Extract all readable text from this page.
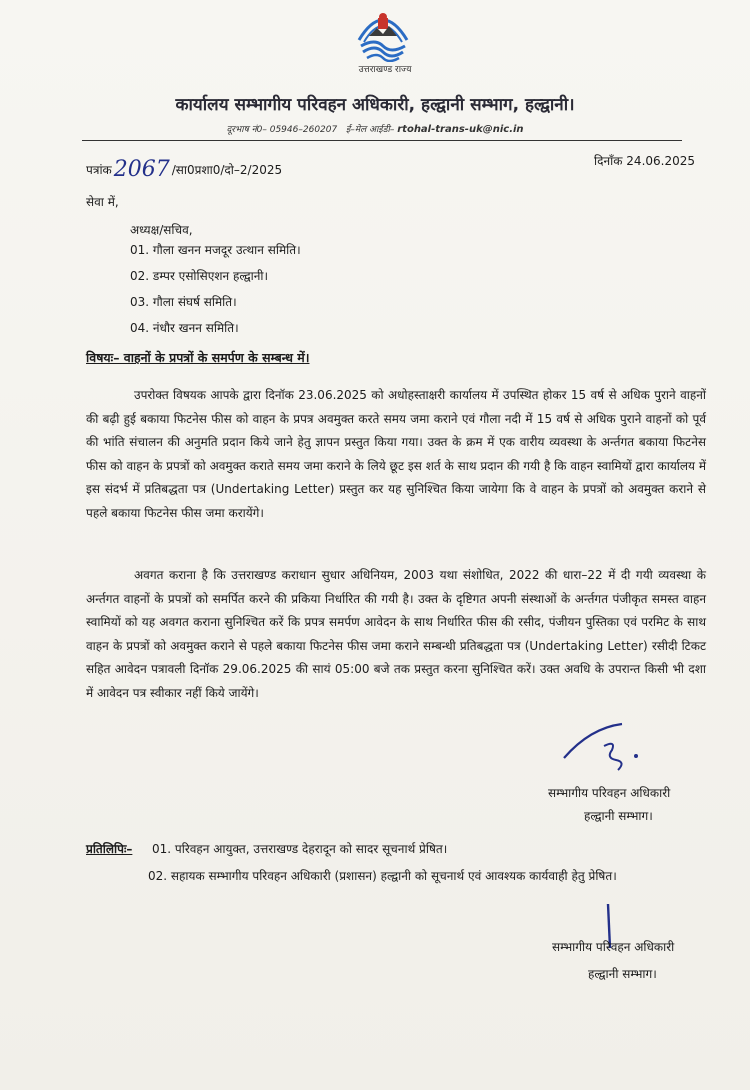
उत्तराखण्ड राज्य
कार्यालय सम्भागीय परिवहन अधिकारी, हल्द्वानी सम्भाग, हल्द्वानी।
दूरभाष नं0– 05946–260207 ई–मेल आईडी– rtohal-trans-uk@nic.in
पत्रांक2067 /सा0प्रशा0/दो–2/2025
दिनाँक 24.06.2025
सेवा में,
अध्यक्ष/सचिव,
01. गौला खनन मजदूर उत्थान समिति।
02. डम्पर एसोसिएशन हल्द्वानी।
03. गौला संघर्ष समिति।
04. नंधौर खनन समिति।
विषयः– वाहनों के प्रपत्रों के समर्पण के सम्बन्ध में।
उपरोक्त विषयक आपके द्वारा दिनॉक 23.06.2025 को अधोहस्ताक्षरी कार्यालय में उपस्थित होकर 15 वर्ष से अधिक पुराने वाहनों की बढ़ी हुई बकाया फिटनेस फीस को वाहन के प्रपत्र अवमुक्त करते समय जमा कराने एवं गौला नदी में 15 वर्ष से अधिक पुराने वाहनों को पूर्व की भांति संचालन की अनुमति प्रदान किये जाने हेतु ज्ञापन प्रस्तुत किया गया। उक्त के क्रम में एक वारीय व्यवस्था के अर्न्तगत बकाया फिटनेस फीस को वाहन के प्रपत्रों को अवमुक्त कराते समय जमा कराने के लिये छूट इस शर्त के साथ प्रदान की गयी है कि वाहन स्वामियों द्वारा कार्यालय में इस संदर्भ में प्रतिबद्धता पत्र (Undertaking Letter) प्रस्तुत कर यह सुनिश्चित किया जायेगा कि वे वाहन के प्रपत्रों को अवमुक्त कराने से पहले बकाया फिटनेस फीस जमा करायेंगे।
अवगत कराना है कि उत्तराखण्ड कराधान सुधार अधिनियम, 2003 यथा संशोधित, 2022 की धारा–22 में दी गयी व्यवस्था के अर्न्तगत वाहनों के प्रपत्रों को समर्पित करने की प्रकिया निर्धारित की गयी है। उक्त के दृष्टिगत अपनी संस्थाओं के अर्न्तगत पंजीकृत समस्त वाहन स्वामियों को यह अवगत कराना सुनिश्चित करें कि प्रपत्र समर्पण आवेदन के साथ निर्धारित फीस की रसीद, पंजीयन पुस्तिका एवं परमिट के साथ वाहन के प्रपत्रों को अवमुक्त कराने से पहले बकाया फिटनेस फीस जमा कराने सम्बन्धी प्रतिबद्धता पत्र (Undertaking Letter) रसीदी टिकट सहित आवेदन पत्रावली दिनॉक 29.06.2025 की सायं 05:00 बजे तक प्रस्तुत करना सुनिश्चित करें। उक्त अवधि के उपरान्त किसी भी दशा में आवेदन पत्र स्वीकार नहीं किये जायेंगे।
सम्भागीय परिवहन अधिकारी
हल्द्वानी सम्भाग।
प्रतिलिपिः– 01. परिवहन आयुक्त, उत्तराखण्ड देहरादून को सादर सूचनार्थ प्रेषित।
02. सहायक सम्भागीय परिवहन अधिकारी (प्रशासन) हल्द्वानी को सूचनार्थ एवं आवश्यक कार्यवाही हेतु प्रेषित।
सम्भागीय परिवहन अधिकारी
हल्द्वानी सम्भाग।
